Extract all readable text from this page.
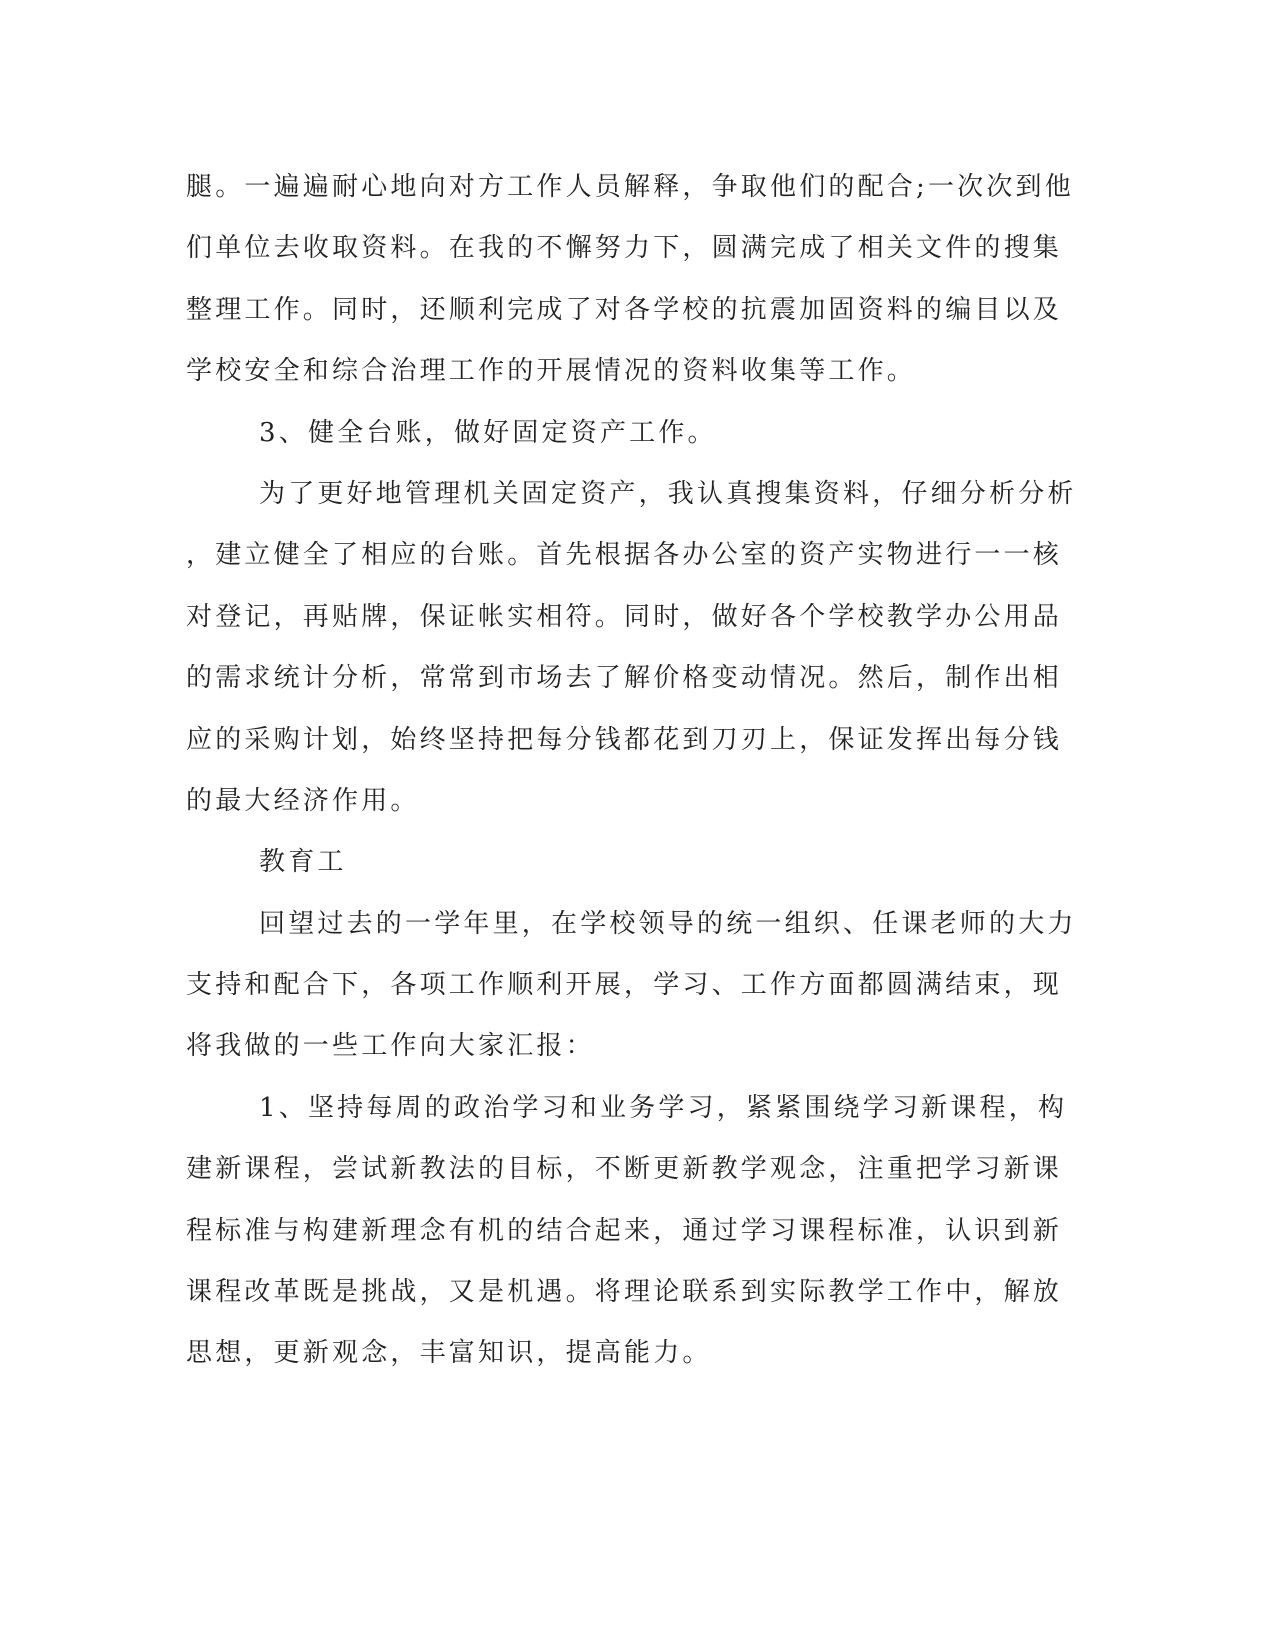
腿。一遍遍耐心地向对方工作人员解释，争取他们的配合;一次次到他
们单位去收取资料。在我的不懈努力下，圆满完成了相关文件的搜集
整理工作。同时，还顺利完成了对各学校的抗震加固资料的编目以及
学校安全和综合治理工作的开展情况的资料收集等工作。
3、健全台账，做好固定资产工作。
为了更好地管理机关固定资产，我认真搜集资料，仔细分析分析
，建立健全了相应的台账。首先根据各办公室的资产实物进行一一核
对登记，再贴牌，保证帐实相符。同时，做好各个学校教学办公用品
的需求统计分析，常常到市场去了解价格变动情况。然后，制作出相
应的采购计划，始终坚持把每分钱都花到刀刃上，保证发挥出每分钱
的最大经济作用。
教育工
回望过去的一学年里，在学校领导的统一组织、任课老师的大力
支持和配合下，各项工作顺利开展，学习、工作方面都圆满结束，现
将我做的一些工作向大家汇报：
1、坚持每周的政治学习和业务学习，紧紧围绕学习新课程，构
建新课程，尝试新教法的目标，不断更新教学观念，注重把学习新课
程标准与构建新理念有机的结合起来，通过学习课程标准，认识到新
课程改革既是挑战，又是机遇。将理论联系到实际教学工作中，解放
思想，更新观念，丰富知识，提高能力。
